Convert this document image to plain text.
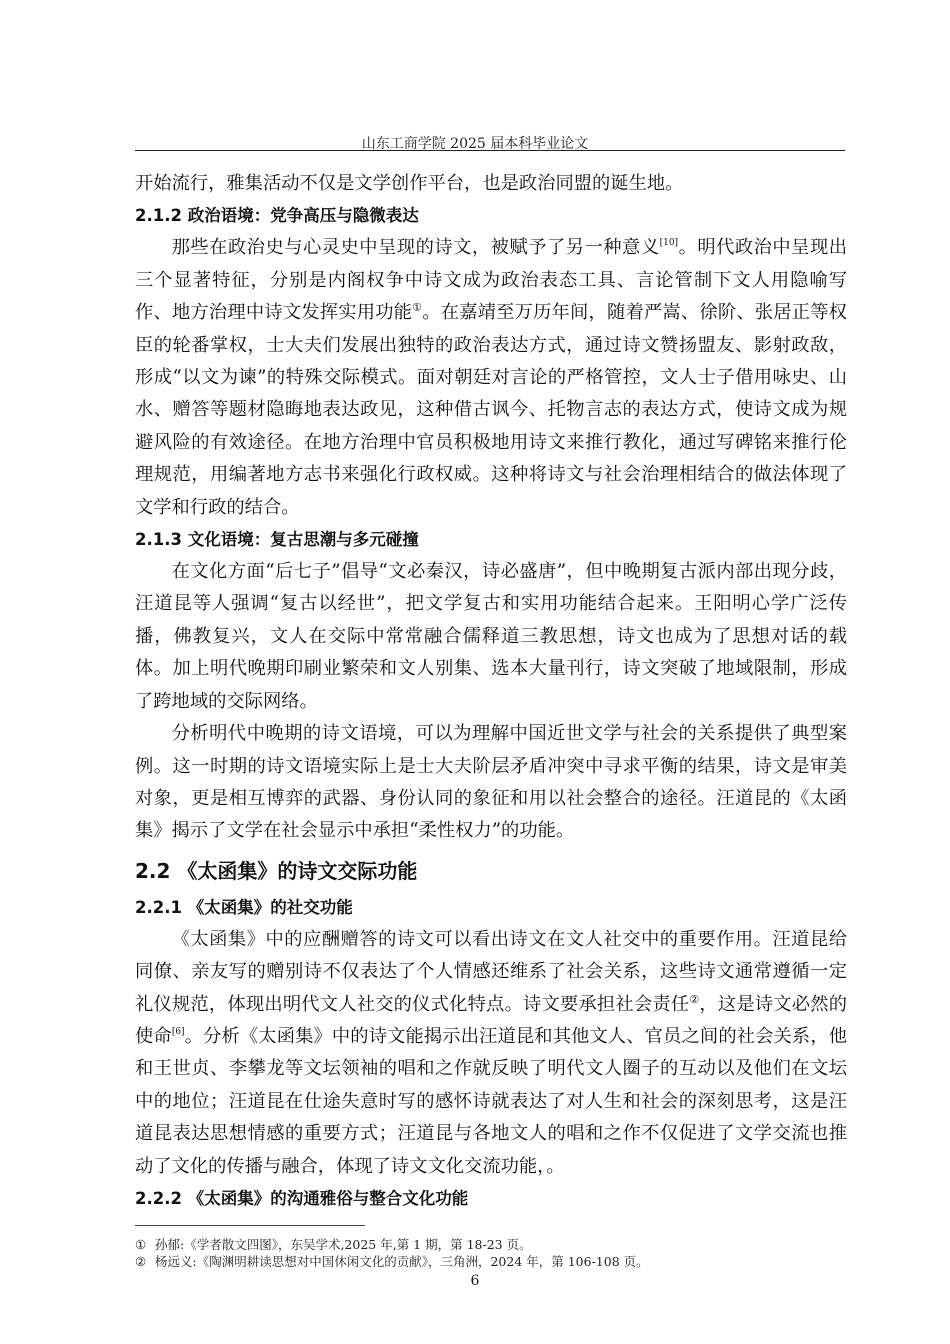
山东工商学院 2025 届本科毕业论文

开始流行，雅集活动不仅是文学创作平台，也是政治同盟的诞生地。

2.1.2 政治语境：党争高压与隐微表达

那些在政治史与心灵史中呈现的诗文，被赋予了另一种意义[10]。明代政治中呈现出三个显著特征，分别是内阁权争中诗文成为政治表态工具、言论管制下文人用隐喻写作、地方治理中诗文发挥实用功能①。在嘉靖至万历年间，随着严嵩、徐阶、张居正等权臣的轮番掌权，士大夫们发展出独特的政治表达方式，通过诗文赞扬盟友、影射政敌，形成“以文为谏”的特殊交际模式。面对朝廷对言论的严格管控，文人士子借用咏史、山水、赠答等题材隐晦地表达政见，这种借古讽今、托物言志的表达方式，使诗文成为规避风险的有效途径。在地方治理中官员积极地用诗文来推行教化，通过写碑铭来推行伦理规范，用编著地方志书来强化行政权威。这种将诗文与社会治理相结合的做法体现了文学和行政的结合。

2.1.3 文化语境：复古思潮与多元碰撞

在文化方面“后七子”倡导“文必秦汉，诗必盛唐”，但中晚期复古派内部出现分歧，汪道昆等人强调“复古以经世”，把文学复古和实用功能结合起来。王阳明心学广泛传播，佛教复兴，文人在交际中常常融合儒释道三教思想，诗文也成为了思想对话的载体。加上明代晚期印刷业繁荣和文人别集、选本大量刊行，诗文突破了地域限制，形成了跨地域的交际网络。

分析明代中晚期的诗文语境，可以为理解中国近世文学与社会的关系提供了典型案例。这一时期的诗文语境实际上是士大夫阶层矛盾冲突中寻求平衡的结果，诗文是审美对象，更是相互博弈的武器、身份认同的象征和用以社会整合的途径。汪道昆的《太函集》揭示了文学在社会显示中承担“柔性权力”的功能。

2.2 《太函集》的诗文交际功能
2.2.1 《太函集》的社交功能

《太函集》中的应酬赠答的诗文可以看出诗文在文人社交中的重要作用。汪道昆给同僚、亲友写的赠别诗不仅表达了个人情感还维系了社会关系，这些诗文通常遵循一定礼仪规范，体现出明代文人社交的仪式化特点。诗文要承担社会责任②，这是诗文必然的使命[6]。分析《太函集》中的诗文能揭示出汪道昆和其他文人、官员之间的社会关系，他和王世贞、李攀龙等文坛领袖的唱和之作就反映了明代文人圈子的互动以及他们在文坛中的地位；汪道昆在仕途失意时写的感怀诗就表达了对人生和社会的深刻思考，这是汪道昆表达思想情感的重要方式；汪道昆与各地文人的唱和之作不仅促进了文学交流也推动了文化的传播与融合，体现了诗文文化交流功能，。

2.2.2 《太函集》的沟通雅俗与整合文化功能
① 孙郁:《学者散文四图》，东吴学术,2025 年,第 1 期，第 18-23 页。
② 杨远义:《陶渊明耕读思想对中国休闲文化的贡献》，三角洲，2024 年，第 106-108 页。
6
